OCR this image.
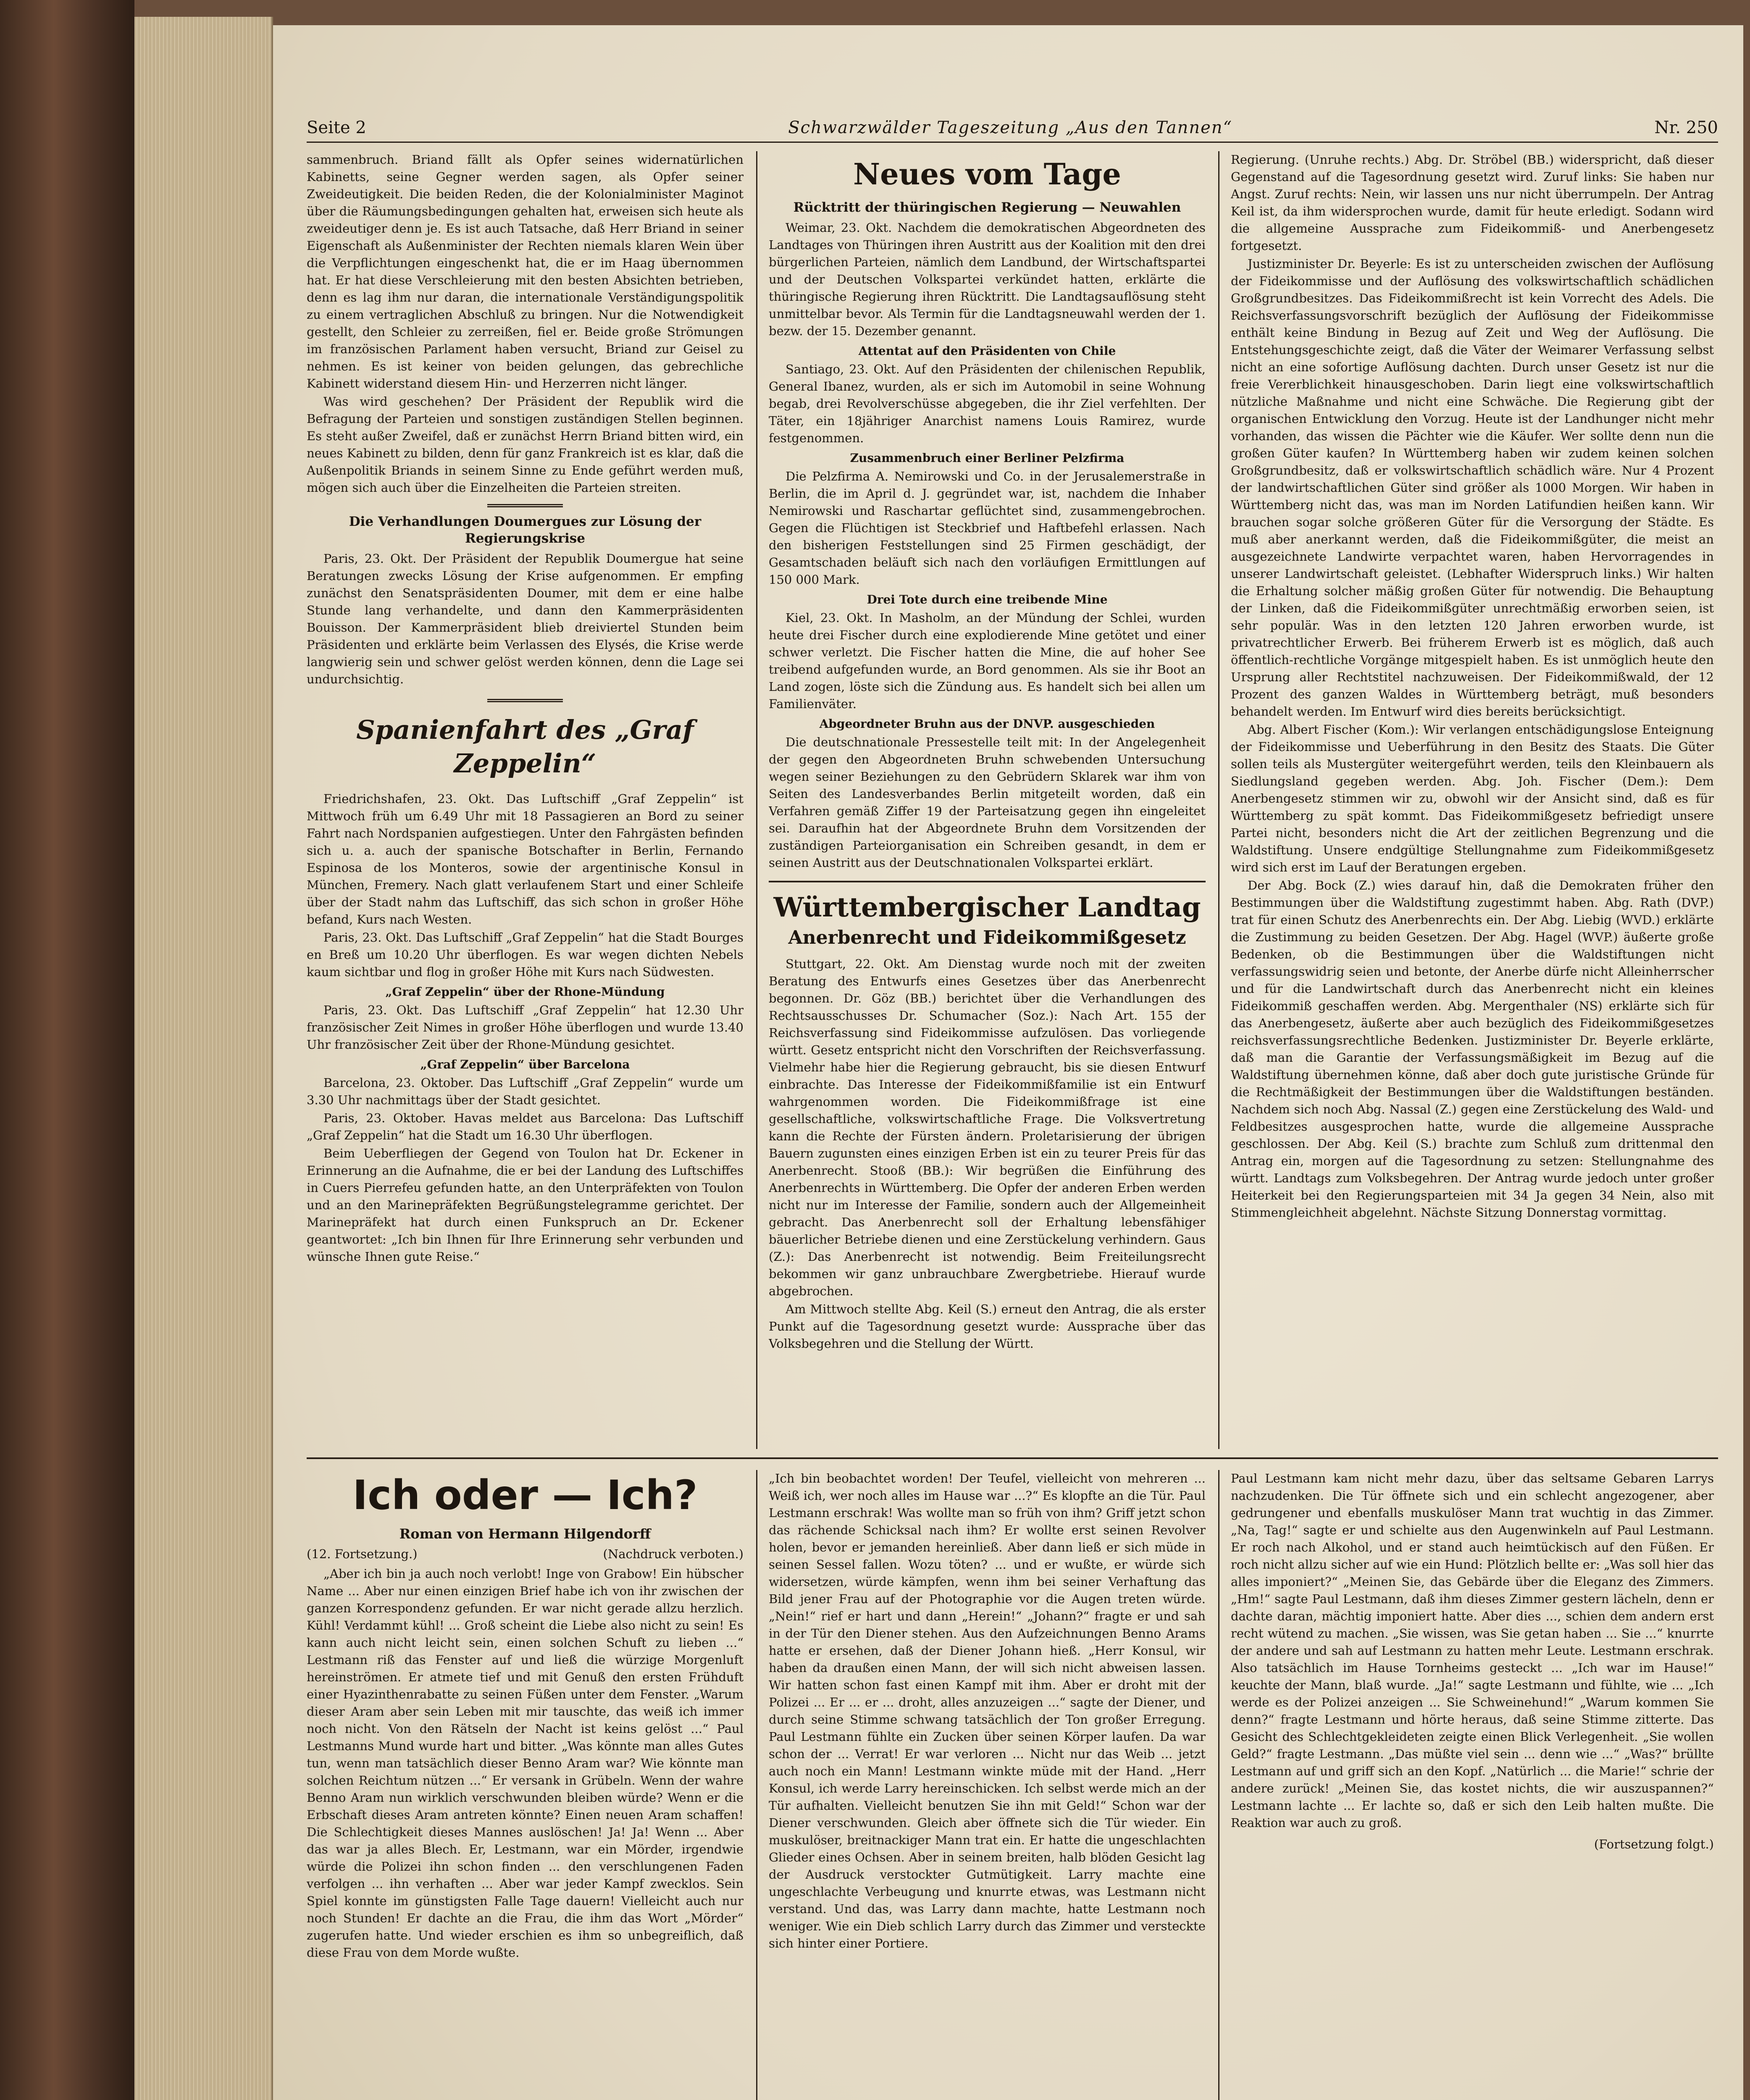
Seite 2	Schwarzwälder Tageszeitung „Aus den Tannen“	Nr. 250

sammenbruch. Briand fällt als Opfer seines widernatürlichen Kabinetts, seine Gegner werden sagen, als Opfer seiner Zweideutigkeit. Die beiden Reden, die der Kolonialminister Maginot über die Räumungsbedingungen gehalten hat, erweisen sich heute als zweideutiger denn je. Es ist auch Tatsache, daß Herr Briand in seiner Eigenschaft als Außenminister der Rechten niemals klaren Wein über die Verpflichtungen eingeschenkt hat, die er im Haag übernommen hat. Er hat diese Verschleierung mit den besten Absichten betrieben, denn es lag ihm nur daran, die internationale Verständigungspolitik zu einem vertraglichen Abschluß zu bringen. Nur die Notwendigkeit gestellt, den Schleier zu zerreißen, fiel er. Beide große Strömungen im französischen Parlament haben versucht, Briand zur Geisel zu nehmen. Es ist keiner von beiden gelungen, das gebrechliche Kabinett widerstand diesem Hin- und Herzerren nicht länger.

Was wird geschehen? Der Präsident der Republik wird die Befragung der Parteien und sonstigen zuständigen Stellen beginnen. Es steht außer Zweifel, daß er zunächst Herrn Briand bitten wird, ein neues Kabinett zu bilden, denn für ganz Frankreich ist es klar, daß die Außenpolitik Briands in seinem Sinne zu Ende geführt werden muß, mögen sich auch über die Einzelheiten die Parteien streiten.

Die Verhandlungen Doumergues zur Lösung der Regierungskrise

Paris, 23. Okt. Der Präsident der Republik Doumergue hat seine Beratungen zwecks Lösung der Krise aufgenommen. Er empfing zunächst den Senatspräsidenten Doumer, mit dem er eine halbe Stunde lang verhandelte, und dann den Kammerpräsidenten Bouisson. Der Kammerpräsident blieb dreiviertel Stunden beim Präsidenten und erklärte beim Verlassen des Elysés, die Krise werde langwierig sein und schwer gelöst werden können, denn die Lage sei undurchsichtig.

Spanienfahrt des „Graf Zeppelin“

Friedrichshafen, 23. Okt. Das Luftschiff „Graf Zeppelin“ ist Mittwoch früh um 6.49 Uhr mit 18 Passagieren an Bord zu seiner Fahrt nach Nordspanien aufgestiegen. Unter den Fahrgästen befinden sich u. a. auch der spanische Botschafter in Berlin, Fernando Espinosa de los Monteros, sowie der argentinische Konsul in München, Fremery. Nach glatt verlaufenem Start und einer Schleife über der Stadt nahm das Luftschiff, das sich schon in großer Höhe befand, Kurs nach Westen.

Paris, 23. Okt. Das Luftschiff „Graf Zeppelin“ hat die Stadt Bourges en Breß um 10.20 Uhr überflogen. Es war wegen dichten Nebels kaum sichtbar und flog in großer Höhe mit Kurs nach Südwesten.

„Graf Zeppelin“ über der Rhone-Mündung

Paris, 23. Okt. Das Luftschiff „Graf Zeppelin“ hat 12.30 Uhr französischer Zeit Nimes in großer Höhe überflogen und wurde 13.40 Uhr französischer Zeit über der Rhone-Mündung gesichtet.

„Graf Zeppelin“ über Barcelona

Barcelona, 23. Oktober. Das Luftschiff „Graf Zeppelin“ wurde um 3.30 Uhr nachmittags über der Stadt gesichtet.

Paris, 23. Oktober. Havas meldet aus Barcelona: Das Luftschiff „Graf Zeppelin“ hat die Stadt um 16.30 Uhr überflogen.

Beim Ueberfliegen der Gegend von Toulon hat Dr. Eckener in Erinnerung an die Aufnahme, die er bei der Landung des Luftschiffes in Cuers Pierrefeu gefunden hatte, an den Unterpräfekten von Toulon und an den Marinepräfekten Begrüßungstelegramme gerichtet. Der Marinepräfekt hat durch einen Funkspruch an Dr. Eckener geantwortet: „Ich bin Ihnen für Ihre Erinnerung sehr verbunden und wünsche Ihnen gute Reise.“

Neues vom Tage
Rücktritt der thüringischen Regierung — Neuwahlen

Weimar, 23. Okt. Nachdem die demokratischen Abgeordneten des Landtages von Thüringen ihren Austritt aus der Koalition mit den drei bürgerlichen Parteien, nämlich dem Landbund, der Wirtschaftspartei und der Deutschen Volkspartei verkündet hatten, erklärte die thüringische Regierung ihren Rücktritt. Die Landtagsauflösung steht unmittelbar bevor. Als Termin für die Landtagsneuwahl werden der 1. bezw. der 15. Dezember genannt.

Attentat auf den Präsidenten von Chile

Santiago, 23. Okt. Auf den Präsidenten der chilenischen Republik, General Ibanez, wurden, als er sich im Automobil in seine Wohnung begab, drei Revolverschüsse abgegeben, die ihr Ziel verfehlten. Der Täter, ein 18jähriger Anarchist namens Louis Ramirez, wurde festgenommen.

Zusammenbruch einer Berliner Pelzfirma

Die Pelzfirma A. Nemirowski und Co. in der Jerusalemerstraße in Berlin, die im April d. J. gegründet war, ist, nachdem die Inhaber Nemirowski und Raschartar geflüchtet sind, zusammengebrochen. Gegen die Flüchtigen ist Steckbrief und Haftbefehl erlassen. Nach den bisherigen Feststellungen sind 25 Firmen geschädigt, der Gesamtschaden beläuft sich nach den vorläufigen Ermittlungen auf 150 000 Mark.

Drei Tote durch eine treibende Mine

Kiel, 23. Okt. In Masholm, an der Mündung der Schlei, wurden heute drei Fischer durch eine explodierende Mine getötet und einer schwer verletzt. Die Fischer hatten die Mine, die auf hoher See treibend aufgefunden wurde, an Bord genommen. Als sie ihr Boot an Land zogen, löste sich die Zündung aus. Es handelt sich bei allen um Familienväter.

Abgeordneter Bruhn aus der DNVP. ausgeschieden

Die deutschnationale Pressestelle teilt mit: In der Angelegenheit der gegen den Abgeordneten Bruhn schwebenden Untersuchung wegen seiner Beziehungen zu den Gebrüdern Sklarek war ihm von Seiten des Landesverbandes Berlin mitgeteilt worden, daß ein Verfahren gemäß Ziffer 19 der Parteisatzung gegen ihn eingeleitet sei. Daraufhin hat der Abgeordnete Bruhn dem Vorsitzenden der zuständigen Parteiorganisation ein Schreiben gesandt, in dem er seinen Austritt aus der Deutschnationalen Volkspartei erklärt.

Württembergischer Landtag
Anerbenrecht und Fideikommißgesetz

Stuttgart, 22. Okt. Am Dienstag wurde noch mit der zweiten Beratung des Entwurfs eines Gesetzes über das Anerbenrecht begonnen. Dr. Göz (BB.) berichtet über die Verhandlungen des Rechtsausschusses Dr. Schumacher (Soz.): Nach Art. 155 der Reichsverfassung sind Fideikommisse aufzulösen. Das vorliegende württ. Gesetz entspricht nicht den Vorschriften der Reichsverfassung. Vielmehr habe hier die Regierung gebraucht, bis sie diesen Entwurf einbrachte. Das Interesse der Fideikommißfamilie ist ein Entwurf wahrgenommen worden. Die Fideikommißfrage ist eine gesellschaftliche, volkswirtschaftliche Frage. Die Volksvertretung kann die Rechte der Fürsten ändern. Proletarisierung der übrigen Bauern zugunsten eines einzigen Erben ist ein zu teurer Preis für das Anerbenrecht. Stooß (BB.): Wir begrüßen die Einführung des Anerbenrechts in Württemberg. Die Opfer der anderen Erben werden nicht nur im Interesse der Familie, sondern auch der Allgemeinheit gebracht. Das Anerbenrecht soll der Erhaltung lebensfähiger bäuerlicher Betriebe dienen und eine Zerstückelung verhindern. Gaus (Z.): Das Anerbenrecht ist notwendig. Beim Freiteilungsrecht bekommen wir ganz unbrauchbare Zwergbetriebe. Hierauf wurde abgebrochen.

Am Mittwoch stellte Abg. Keil (S.) erneut den Antrag, die als erster Punkt auf die Tagesordnung gesetzt wurde: Aussprache über das Volksbegehren und die Stellung der Württ.

Regierung. (Unruhe rechts.) Abg. Dr. Ströbel (BB.) widerspricht, daß dieser Gegenstand auf die Tagesordnung gesetzt wird. Zuruf links: Sie haben nur Angst. Zuruf rechts: Nein, wir lassen uns nur nicht überrumpeln. Der Antrag Keil ist, da ihm widersprochen wurde, damit für heute erledigt. Sodann wird die allgemeine Aussprache zum Fideikommiß- und Anerbengesetz fortgesetzt.

Justizminister Dr. Beyerle: Es ist zu unterscheiden zwischen der Auflösung der Fideikommisse und der Auflösung des volkswirtschaftlich schädlichen Großgrundbesitzes. Das Fideikommißrecht ist kein Vorrecht des Adels. Die Reichsverfassungsvorschrift bezüglich der Auflösung der Fideikommisse enthält keine Bindung in Bezug auf Zeit und Weg der Auflösung. Die Entstehungsgeschichte zeigt, daß die Väter der Weimarer Verfassung selbst nicht an eine sofortige Auflösung dachten. Durch unser Gesetz ist nur die freie Vererblichkeit hinausgeschoben. Darin liegt eine volkswirtschaftlich nützliche Maßnahme und nicht eine Schwäche. Die Regierung gibt der organischen Entwicklung den Vorzug. Heute ist der Landhunger nicht mehr vorhanden, das wissen die Pächter wie die Käufer. Wer sollte denn nun die großen Güter kaufen? In Württemberg haben wir zudem keinen solchen Großgrundbesitz, daß er volkswirtschaftlich schädlich wäre. Nur 4 Prozent der landwirtschaftlichen Güter sind größer als 1000 Morgen. Wir haben in Württemberg nicht das, was man im Norden Latifundien heißen kann. Wir brauchen sogar solche größeren Güter für die Versorgung der Städte. Es muß aber anerkannt werden, daß die Fideikommißgüter, die meist an ausgezeichnete Landwirte verpachtet waren, haben Hervorragendes in unserer Landwirtschaft geleistet. (Lebhafter Widerspruch links.) Wir halten die Erhaltung solcher mäßig großen Güter für notwendig. Die Behauptung der Linken, daß die Fideikommißgüter unrechtmäßig erworben seien, ist sehr populär. Was in den letzten 120 Jahren erworben wurde, ist privatrechtlicher Erwerb. Bei früherem Erwerb ist es möglich, daß auch öffentlich-rechtliche Vorgänge mitgespielt haben. Es ist unmöglich heute den Ursprung aller Rechtstitel nachzuweisen. Der Fideikommißwald, der 12 Prozent des ganzen Waldes in Württemberg beträgt, muß besonders behandelt werden. Im Entwurf wird dies bereits berücksichtigt.

Abg. Albert Fischer (Kom.): Wir verlangen entschädigungslose Enteignung der Fideikommisse und Ueberführung in den Besitz des Staats. Die Güter sollen teils als Mustergüter weitergeführt werden, teils den Kleinbauern als Siedlungsland gegeben werden. Abg. Joh. Fischer (Dem.): Dem Anerbengesetz stimmen wir zu, obwohl wir der Ansicht sind, daß es für Württemberg zu spät kommt. Das Fideikommißgesetz befriedigt unsere Partei nicht, besonders nicht die Art der zeitlichen Begrenzung und die Waldstiftung. Unsere endgültige Stellungnahme zum Fideikommißgesetz wird sich erst im Lauf der Beratungen ergeben.

Der Abg. Bock (Z.) wies darauf hin, daß die Demokraten früher den Bestimmungen über die Waldstiftung zugestimmt haben. Abg. Rath (DVP.) trat für einen Schutz des Anerbenrechts ein. Der Abg. Liebig (WVD.) erklärte die Zustimmung zu beiden Gesetzen. Der Abg. Hagel (WVP.) äußerte große Bedenken, ob die Bestimmungen über die Waldstiftungen nicht verfassungswidrig seien und betonte, der Anerbe dürfe nicht Alleinherrscher und für die Landwirtschaft durch das Anerbenrecht nicht ein kleines Fideikommiß geschaffen werden. Abg. Mergenthaler (NS) erklärte sich für das Anerbengesetz, äußerte aber auch bezüglich des Fideikommißgesetzes reichsverfassungsrechtliche Bedenken. Justizminister Dr. Beyerle erklärte, daß man die Garantie der Verfassungsmäßigkeit im Bezug auf die Waldstiftung übernehmen könne, daß aber doch gute juristische Gründe für die Rechtmäßigkeit der Bestimmungen über die Waldstiftungen beständen. Nachdem sich noch Abg. Nassal (Z.) gegen eine Zerstückelung des Wald- und Feldbesitzes ausgesprochen hatte, wurde die allgemeine Aussprache geschlossen. Der Abg. Keil (S.) brachte zum Schluß zum drittenmal den Antrag ein, morgen auf die Tagesordnung zu setzen: Stellungnahme des württ. Landtags zum Volksbegehren. Der Antrag wurde jedoch unter großer Heiterkeit bei den Regierungsparteien mit 34 Ja gegen 34 Nein, also mit Stimmengleichheit abgelehnt. Nächste Sitzung Donnerstag vormittag.

Ich oder — Ich?
Roman von Hermann Hilgendorff
(12. Fortsetzung.)	(Nachdruck verboten.)

„Aber ich bin ja auch noch verlobt! Inge von Grabow! Ein hübscher Name ... Aber nur einen einzigen Brief habe ich von ihr zwischen der ganzen Korrespondenz gefunden. Er war nicht gerade allzu herzlich. Kühl! Verdammt kühl! ... Groß scheint die Liebe also nicht zu sein! Es kann auch nicht leicht sein, einen solchen Schuft zu lieben ...“ Lestmann riß das Fenster auf und ließ die würzige Morgenluft hereinströmen. Er atmete tief und mit Genuß den ersten Frühduft einer Hyazinthenrabatte zu seinen Füßen unter dem Fenster. „Warum dieser Aram aber sein Leben mit mir tauschte, das weiß ich immer noch nicht. Von den Rätseln der Nacht ist keins gelöst ...“ Paul Lestmanns Mund wurde hart und bitter. „Was könnte man alles Gutes tun, wenn man tatsächlich dieser Benno Aram war? Wie könnte man solchen Reichtum nützen ...“ Er versank in Grübeln. Wenn der wahre Benno Aram nun wirklich verschwunden bleiben würde? Wenn er die Erbschaft dieses Aram antreten könnte? Einen neuen Aram schaffen! Die Schlechtigkeit dieses Mannes auslöschen! Ja! Ja! Wenn ... Aber das war ja alles Blech. Er, Lestmann, war ein Mörder, irgendwie würde die Polizei ihn schon finden ... den verschlungenen Faden verfolgen ... ihn verhaften ... Aber war jeder Kampf zwecklos. Sein Spiel konnte im günstigsten Falle Tage dauern! Vielleicht auch nur noch Stunden! Er dachte an die Frau, die ihm das Wort „Mörder“ zugerufen hatte. Und wieder erschien es ihm so unbegreiflich, daß diese Frau von dem Morde wußte.

„Ich bin beobachtet worden! Der Teufel, vielleicht von mehreren ... Weiß ich, wer noch alles im Hause war ...?“ Es klopfte an die Tür. Paul Lestmann erschrak! Was wollte man so früh von ihm? Griff jetzt schon das rächende Schicksal nach ihm? Er wollte erst seinen Revolver holen, bevor er jemanden hereinließ. Aber dann ließ er sich müde in seinen Sessel fallen. Wozu töten? ... und er wußte, er würde sich widersetzen, würde kämpfen, wenn ihm bei seiner Verhaftung das Bild jener Frau auf der Photographie vor die Augen treten würde. „Nein!“ rief er hart und dann „Herein!“ „Johann?“ fragte er und sah in der Tür den Diener stehen. Aus den Aufzeichnungen Benno Arams hatte er ersehen, daß der Diener Johann hieß. „Herr Konsul, wir haben da draußen einen Mann, der will sich nicht abweisen lassen. Wir hatten schon fast einen Kampf mit ihm. Aber er droht mit der Polizei ... Er ... er ... droht, alles anzuzeigen ...“ sagte der Diener, und durch seine Stimme schwang tatsächlich der Ton großer Erregung. Paul Lestmann fühlte ein Zucken über seinen Körper laufen. Da war schon der ... Verrat! Er war verloren ... Nicht nur das Weib ... jetzt auch noch ein Mann! Lestmann winkte müde mit der Hand. „Herr Konsul, ich werde Larry hereinschicken. Ich selbst werde mich an der Tür aufhalten. Vielleicht benutzen Sie ihn mit Geld!“ Schon war der Diener verschwunden. Gleich aber öffnete sich die Tür wieder. Ein muskulöser, breitnackiger Mann trat ein. Er hatte die ungeschlachten Glieder eines Ochsen. Aber in seinem breiten, halb blöden Gesicht lag der Ausdruck verstockter Gutmütigkeit. Larry machte eine ungeschlachte Verbeugung und knurrte etwas, was Lestmann nicht verstand. Und das, was Larry dann machte, hatte Lestmann noch weniger. Wie ein Dieb schlich Larry durch das Zimmer und versteckte sich hinter einer Portiere.

Paul Lestmann kam nicht mehr dazu, über das seltsame Gebaren Larrys nachzudenken. Die Tür öffnete sich und ein schlecht angezogener, aber gedrungener und ebenfalls muskulöser Mann trat wuchtig in das Zimmer. „Na, Tag!“ sagte er und schielte aus den Augenwinkeln auf Paul Lestmann. Er roch nach Alkohol, und er stand auch heimtückisch auf den Füßen. Er roch nicht allzu sicher auf wie ein Hund: Plötzlich bellte er: „Was soll hier das alles imponiert?“ „Meinen Sie, das Gebärde über die Eleganz des Zimmers. „Hm!“ sagte Paul Lestmann, daß ihm dieses Zimmer gestern lächeln, denn er dachte daran, mächtig imponiert hatte. Aber dies ..., schien dem andern erst recht wütend zu machen. „Sie wissen, was Sie getan haben ... Sie ...“ knurrte der andere und sah auf Lestmann zu hatten mehr Leute. Lestmann erschrak. Also tatsächlich im Hause Tornheims gesteckt ... „Ich war im Hause!“ keuchte der Mann, blaß wurde. „Ja!“ sagte Lestmann und fühlte, wie ... „Ich werde es der Polizei anzeigen ... Sie Schweinehund!“ „Warum kommen Sie denn?“ fragte Lestmann und hörte heraus, daß seine Stimme zitterte. Das Gesicht des Schlechtgekleideten zeigte einen Blick Verlegenheit. „Sie wollen Geld?“ fragte Lestmann. „Das müßte viel sein ... denn wie ...“ „Was?“ brüllte Lestmann auf und griff sich an den Kopf. „Natürlich ... die Marie!“ schrie der andere zurück! „Meinen Sie, das kostet nichts, die wir auszuspannen?“ Lestmann lachte ... Er lachte so, daß er sich den Leib halten mußte. Die Reaktion war auch zu groß.

(Fortsetzung folgt.)
